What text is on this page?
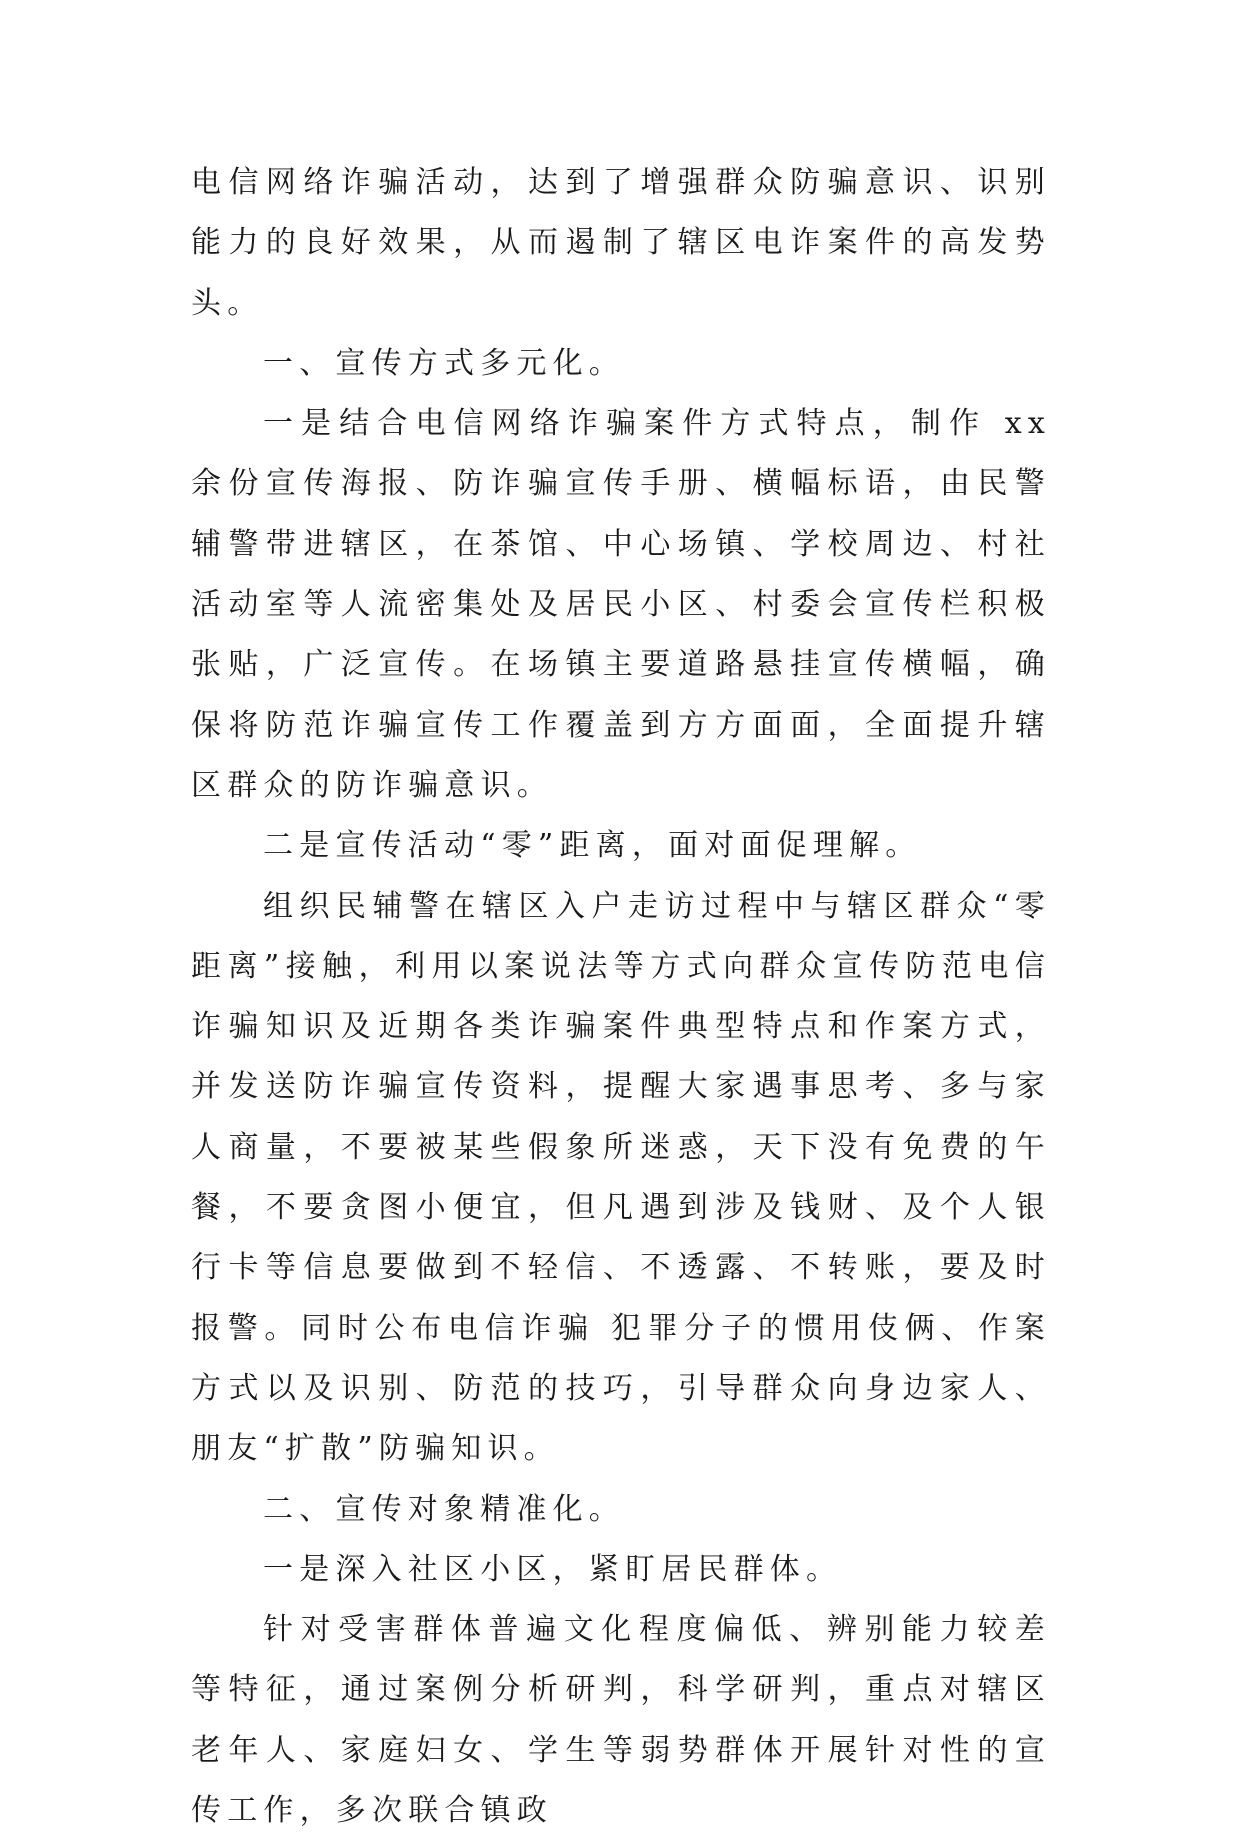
电信网络诈骗活动，达到了增强群众防骗意识、识别能力的良好效果，从而遏制了辖区电诈案件的高发势头。

一、宣传方式多元化。

一是结合电信网络诈骗案件方式特点，制作 xx 余份宣传海报、防诈骗宣传手册、横幅标语，由民警辅警带进辖区，在茶馆、中心场镇、学校周边、村社活动室等人流密集处及居民小区、村委会宣传栏积极张贴，广泛宣传。在场镇主要道路悬挂宣传横幅，确保将防范诈骗宣传工作覆盖到方方面面，全面提升辖区群众的防诈骗意识。

二是宣传活动“零”距离，面对面促理解。

组织民辅警在辖区入户走访过程中与辖区群众“零距离”接触，利用以案说法等方式向群众宣传防范电信诈骗知识及近期各类诈骗案件典型特点和作案方式，并发送防诈骗宣传资料，提醒大家遇事思考、多与家人商量，不要被某些假象所迷惑，天下没有免费的午餐，不要贪图小便宜，但凡遇到涉及钱财、及个人银行卡等信息要做到不轻信、不透露、不转账，要及时报警。同时公布电信诈骗 犯罪分子的惯用伎俩、作案方式以及识别、防范的技巧，引导群众向身边家人、朋友“扩散”防骗知识。

二、宣传对象精准化。

一是深入社区小区，紧盯居民群体。

针对受害群体普遍文化程度偏低、辨别能力较差等特征，通过案例分析研判，科学研判，重点对辖区老年人、家庭妇女、学生等弱势群体开展针对性的宣传工作，多次联合镇政
